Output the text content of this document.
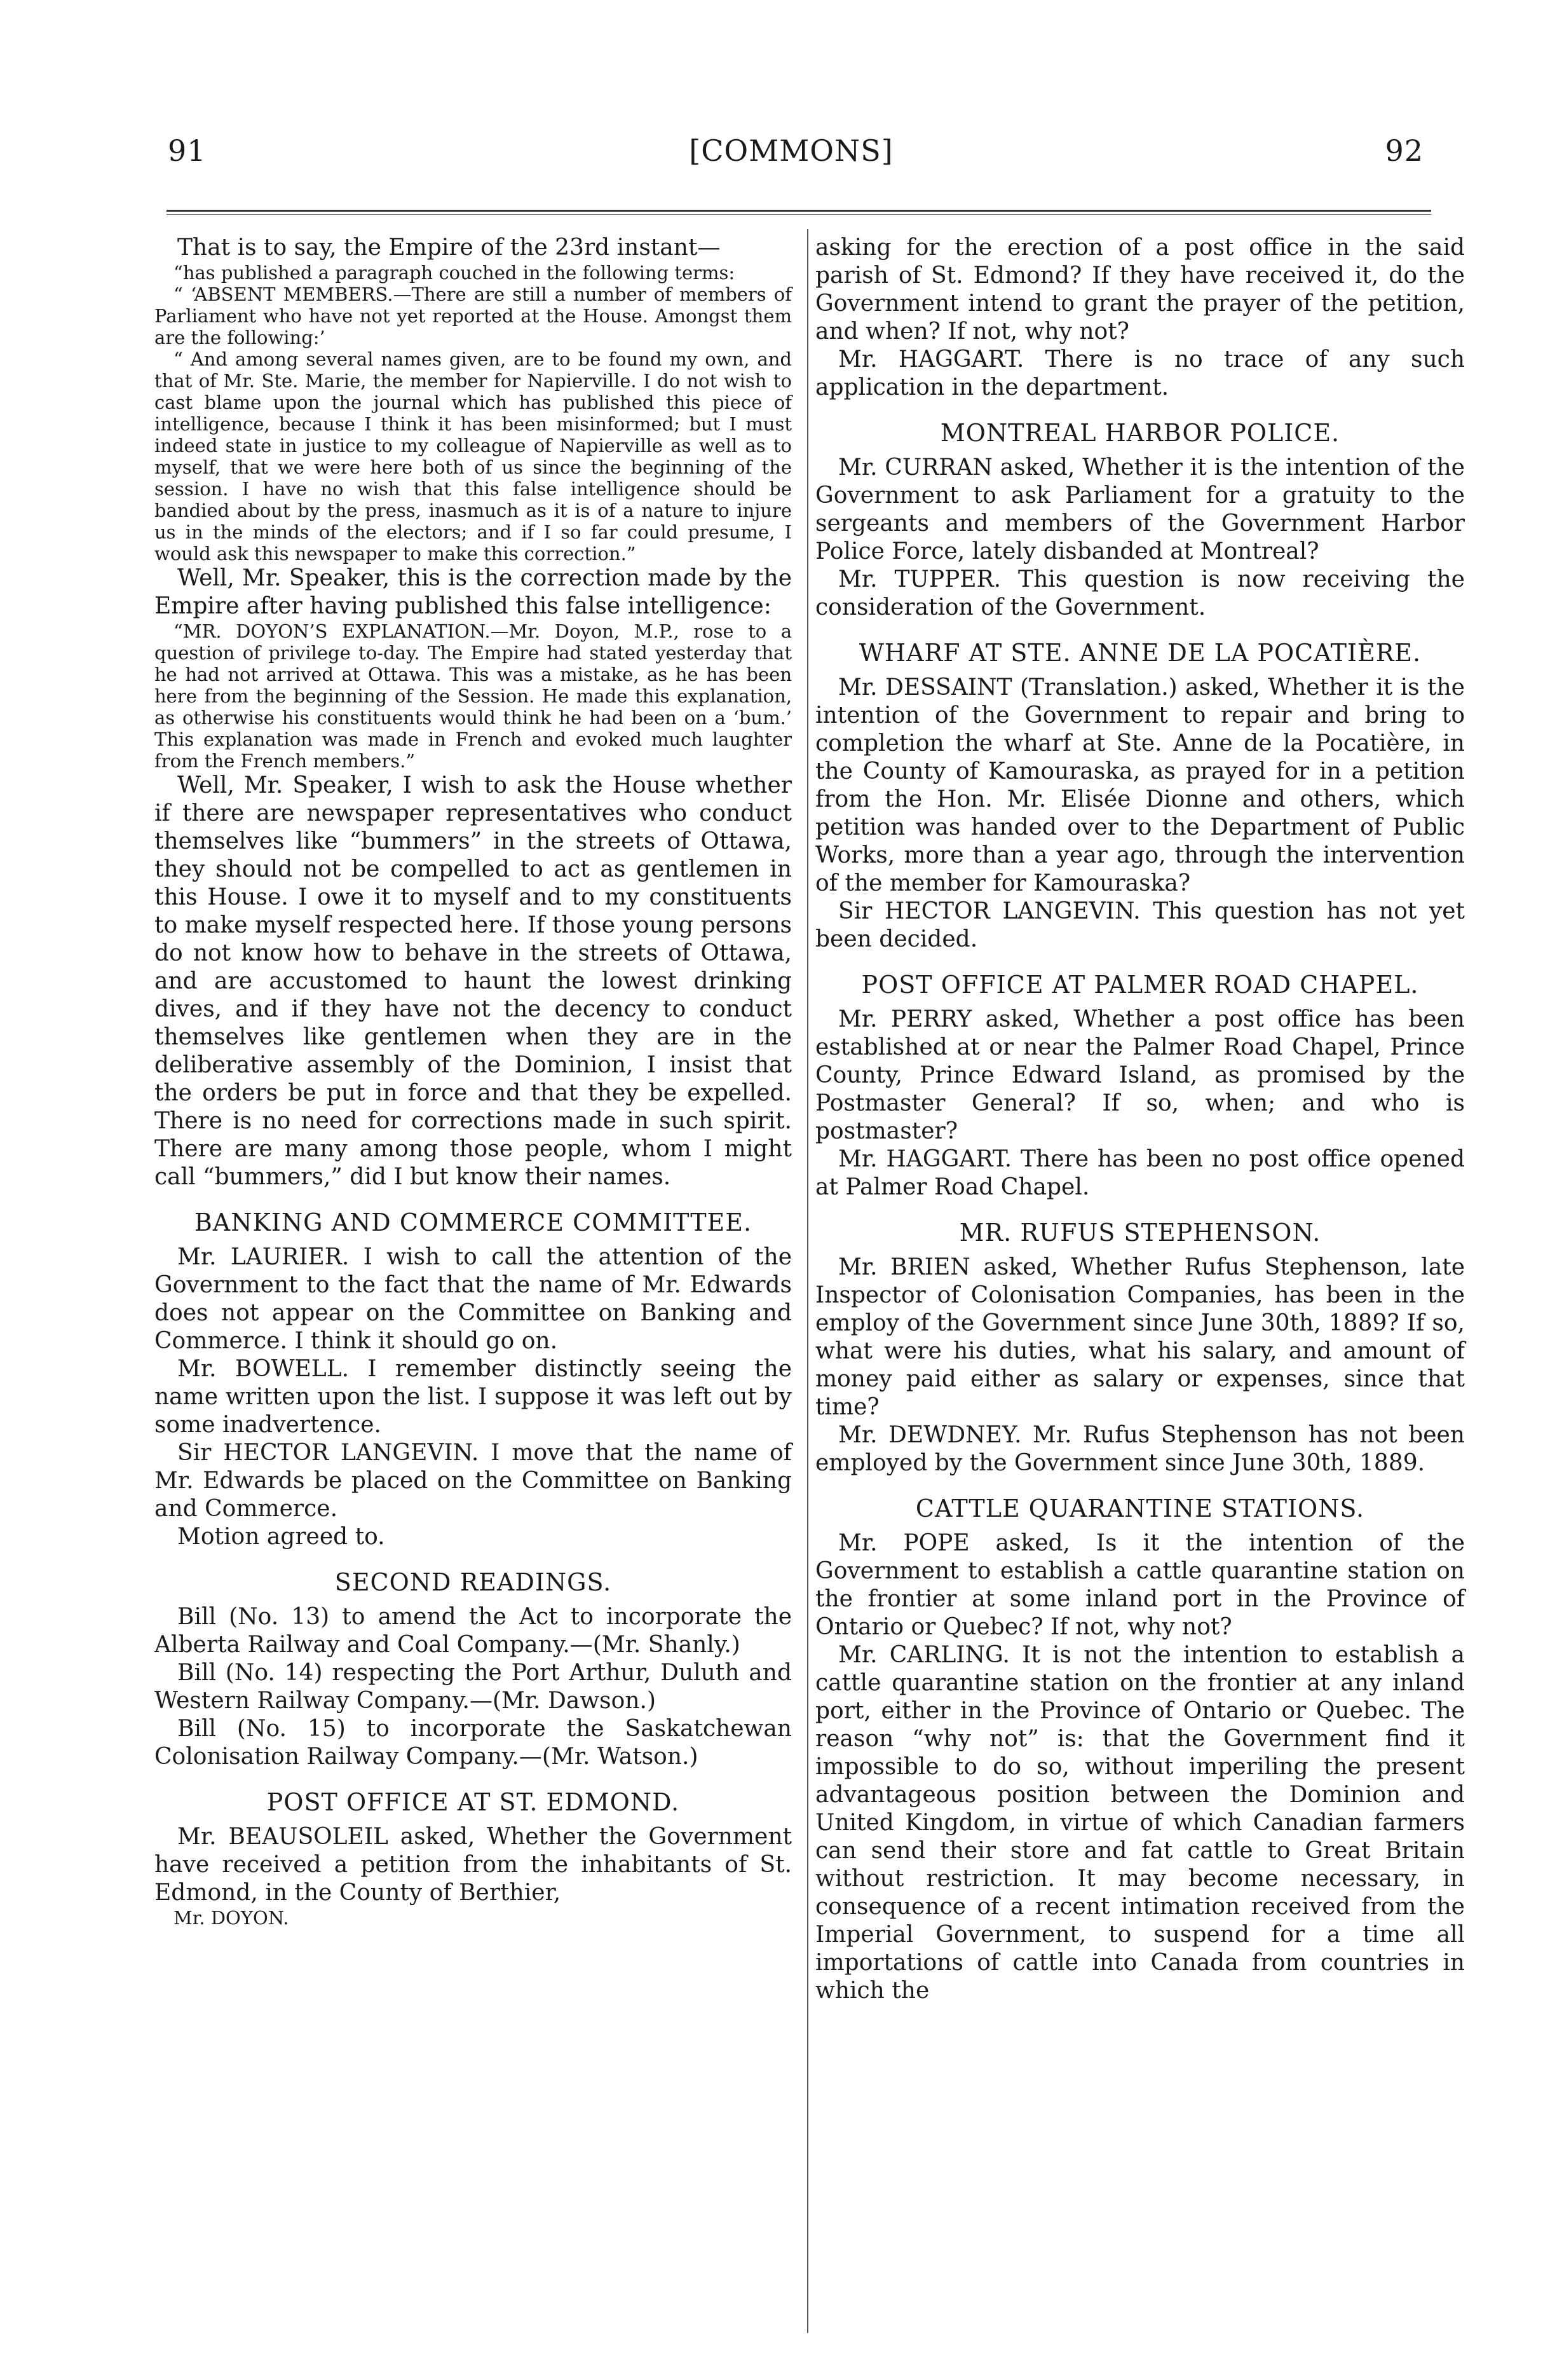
91	[COMMONS]	92

That is to say, the Empire of the 23rd instant—

“has published a paragraph couched in the following terms:

“ ‘ABSENT MEMBERS.—There are still a number of members of Parliament who have not yet reported at the House. Amongst them are the following:’

“ And among several names given, are to be found my own, and that of Mr. Ste. Marie, the member for Napierville. I do not wish to cast blame upon the journal which has published this piece of intelligence, because I think it has been misinformed; but I must indeed state in justice to my colleague of Napierville as well as to myself, that we were here both of us since the beginning of the session. I have no wish that this false intelligence should be bandied about by the press, inasmuch as it is of a nature to injure us in the minds of the electors; and if I so far could presume, I would ask this newspaper to make this correction.”

Well, Mr. Speaker, this is the correction made by the Empire after having published this false intelligence:

“MR. DOYON’S EXPLANATION.—Mr. Doyon, M.P., rose to a question of privilege to-day. The Empire had stated yesterday that he had not arrived at Ottawa. This was a mistake, as he has been here from the beginning of the Session. He made this explanation, as otherwise his constituents would think he had been on a ‘bum.’ This explanation was made in French and evoked much laughter from the French members.”

Well, Mr. Speaker, I wish to ask the House whether if there are newspaper representatives who conduct themselves like “bummers” in the streets of Ottawa, they should not be compelled to act as gentlemen in this House. I owe it to myself and to my constituents to make myself respected here. If those young persons do not know how to behave in the streets of Ottawa, and are accustomed to haunt the lowest drinking dives, and if they have not the decency to conduct themselves like gentlemen when they are in the deliberative assembly of the Dominion, I insist that the orders be put in force and that they be expelled. There is no need for corrections made in such spirit. There are many among those people, whom I might call “bummers,” did I but know their names.

BANKING AND COMMERCE COMMITTEE.

Mr. LAURIER. I wish to call the attention of the Government to the fact that the name of Mr. Edwards does not appear on the Committee on Banking and Commerce. I think it should go on.

Mr. BOWELL. I remember distinctly seeing the name written upon the list. I suppose it was left out by some inadvertence.

Sir HECTOR LANGEVIN. I move that the name of Mr. Edwards be placed on the Committee on Banking and Commerce.

Motion agreed to.

SECOND READINGS.

Bill (No. 13) to amend the Act to incorporate the Alberta Railway and Coal Company.—(Mr. Shanly.)

Bill (No. 14) respecting the Port Arthur, Duluth and Western Railway Company.—(Mr. Dawson.)

Bill (No. 15) to incorporate the Saskatchewan Colonisation Railway Company.—(Mr. Watson.)

POST OFFICE AT ST. EDMOND.

Mr. BEAUSOLEIL asked, Whether the Government have received a petition from the inhabitants of St. Edmond, in the County of Berthier,

Mr. DOYON.

asking for the erection of a post office in the said parish of St. Edmond? If they have received it, do the Government intend to grant the prayer of the petition, and when? If not, why not?

Mr. HAGGART. There is no trace of any such application in the department.

MONTREAL HARBOR POLICE.

Mr. CURRAN asked, Whether it is the intention of the Government to ask Parliament for a gratuity to the sergeants and members of the Government Harbor Police Force, lately disbanded at Montreal?

Mr. TUPPER. This question is now receiving the consideration of the Government.

WHARF AT STE. ANNE DE LA POCATIÈRE.

Mr. DESSAINT (Translation.) asked, Whether it is the intention of the Government to repair and bring to completion the wharf at Ste. Anne de la Pocatière, in the County of Kamouraska, as prayed for in a petition from the Hon. Mr. Elisée Dionne and others, which petition was handed over to the Department of Public Works, more than a year ago, through the intervention of the member for Kamouraska?

Sir HECTOR LANGEVIN. This question has not yet been decided.

POST OFFICE AT PALMER ROAD CHAPEL.

Mr. PERRY asked, Whether a post office has been established at or near the Palmer Road Chapel, Prince County, Prince Edward Island, as promised by the Postmaster General? If so, when; and who is postmaster?

Mr. HAGGART. There has been no post office opened at Palmer Road Chapel.

MR. RUFUS STEPHENSON.

Mr. BRIEN asked, Whether Rufus Stephenson, late Inspector of Colonisation Companies, has been in the employ of the Government since June 30th, 1889? If so, what were his duties, what his salary, and amount of money paid either as salary or expenses, since that time?

Mr. DEWDNEY. Mr. Rufus Stephenson has not been employed by the Government since June 30th, 1889.

CATTLE QUARANTINE STATIONS.

Mr. POPE asked, Is it the intention of the Government to establish a cattle quarantine station on the frontier at some inland port in the Province of Ontario or Quebec? If not, why not?

Mr. CARLING. It is not the intention to establish a cattle quarantine station on the frontier at any inland port, either in the Province of Ontario or Quebec. The reason “why not” is: that the Government find it impossible to do so, without imperiling the present advantageous position between the Dominion and United Kingdom, in virtue of which Canadian farmers can send their store and fat cattle to Great Britain without restriction. It may become necessary, in consequence of a recent intimation received from the Imperial Government, to suspend for a time all importations of cattle into Canada from countries in which the
